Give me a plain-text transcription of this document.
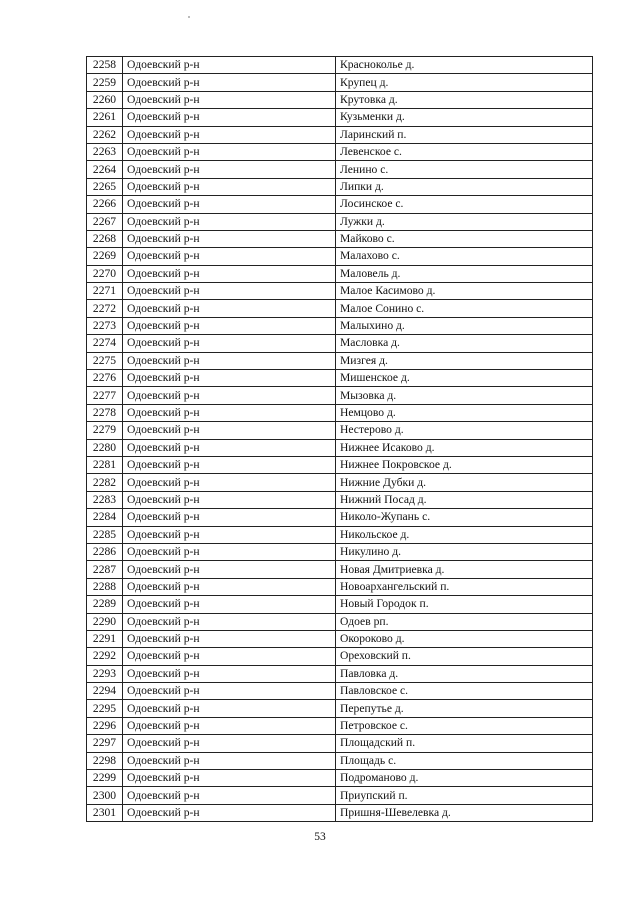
2258	Одоевский р-н	Краснокольe д.
2259	Одоевский р-н	Крупец д.
2260	Одоевский р-н	Крутовка д.
2261	Одоевский р-н	Кузьменки д.
2262	Одоевский р-н	Ларинский п.
2263	Одоевский р-н	Левенское с.
2264	Одоевский р-н	Ленино с.
2265	Одоевский р-н	Липки д.
2266	Одоевский р-н	Лосинское с.
2267	Одоевский р-н	Лужки д.
2268	Одоевский р-н	Майково с.
2269	Одоевский р-н	Малахово с.
2270	Одоевский р-н	Маловель д.
2271	Одоевский р-н	Малое Касимово д.
2272	Одоевский р-н	Малое Сонино с.
2273	Одоевский р-н	Малыхино д.
2274	Одоевский р-н	Масловка д.
2275	Одоевский р-н	Мизгея д.
2276	Одоевский р-н	Мишенское д.
2277	Одоевский р-н	Мызовка д.
2278	Одоевский р-н	Немцово д.
2279	Одоевский р-н	Нестерово д.
2280	Одоевский р-н	Нижнее Исаково д.
2281	Одоевский р-н	Нижнее Покровское д.
2282	Одоевский р-н	Нижние Дубки д.
2283	Одоевский р-н	Нижний Посад д.
2284	Одоевский р-н	Николо-Жупань с.
2285	Одоевский р-н	Никольское д.
2286	Одоевский р-н	Никулино д.
2287	Одоевский р-н	Новая Дмитриевка д.
2288	Одоевский р-н	Новоархангельский п.
2289	Одоевский р-н	Новый Городок п.
2290	Одоевский р-н	Одоев рп.
2291	Одоевский р-н	Окороково д.
2292	Одоевский р-н	Ореховский п.
2293	Одоевский р-н	Павловка д.
2294	Одоевский р-н	Павловское с.
2295	Одоевский р-н	Перепутье д.
2296	Одоевский р-н	Петровское с.
2297	Одоевский р-н	Площадский п.
2298	Одоевский р-н	Площадь с.
2299	Одоевский р-н	Подроманово д.
2300	Одоевский р-н	Приупский п.
2301	Одоевский р-н	Пришня-Шевелевка д.
53
